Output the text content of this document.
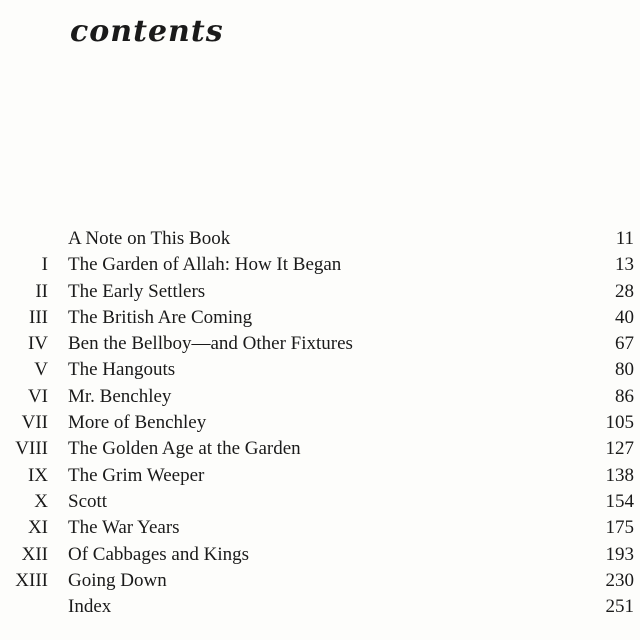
contents
A Note on This Book	11
I The Garden of Allah: How It Began	13
II The Early Settlers	28
III The British Are Coming	40
IV Ben the Bellboy—and Other Fixtures	67
V The Hangouts	80
VI Mr. Benchley	86
VII More of Benchley	105
VIII The Golden Age at the Garden	127
IX The Grim Weeper	138
X Scott	154
XI The War Years	175
XII Of Cabbages and Kings	193
XIII Going Down	230
Index	251
